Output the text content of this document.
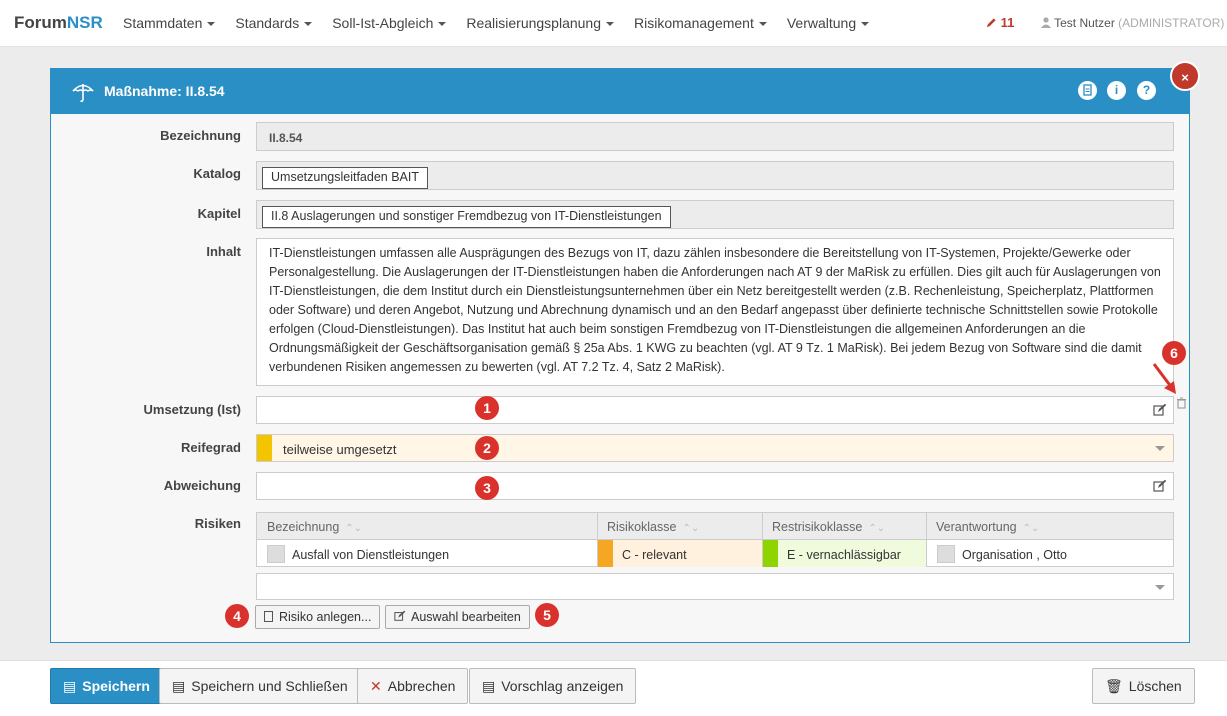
ForumNSR Stammdaten	Standards	Soll-Ist-Abgleich	Realisierungsplanung	Risikomanagement	Verwaltung	11	Test Nutzer (ADMINISTRATOR)
Maßnahme: II.8.54	i	?
×
Bezeichnung II.8.54
Katalog	Umsetzungsleitfaden BAIT
Kapitel	II.8 Auslagerungen und sonstiger Fremdbezug von IT-Dienstleistungen
Inhalt IT-Dienstleistungen umfassen alle Ausprägungen des Bezugs von IT, dazu zählen insbesondere die Bereitstellung von IT-Systemen, Projekte/Gewerke oder Personalgestellung. Die Auslagerungen der IT-Dienstleistungen haben die Anforderungen nach AT 9 der MaRisk zu erfüllen. Dies gilt auch für Auslagerungen von IT-Dienstleistungen, die dem Institut durch ein Dienstleistungsunternehmen über ein Netz bereitgestellt werden (z.B. Rechenleistung, Speicherplatz, Plattformen oder Software) und deren Angebot, Nutzung und Abrechnung dynamisch und an den Bedarf angepasst über definierte technische Schnittstellen sowie Protokolle erfolgen (Cloud-Dienstleistungen). Das Institut hat auch beim sonstigen Fremdbezug von IT-Dienstleistungen die allgemeinen Anforderungen an die Ordnungsmäßigkeit der Geschäftsorganisation gemäß § 25a Abs. 1 KWG zu beachten (vgl. AT 9 Tz. 1 MaRisk). Bei jedem Bezug von Software sind die damit verbundenen Risiken angemessen zu bewerten (vgl. AT 7.2 Tz. 4, Satz 2 MaRisk).
Umsetzung (Ist)
Reifegrad	teilweise umgesetzt
Abweichung
Risiken Bezeichnung ⌃⌄	Risikoklasse ⌃⌄	Restrisikoklasse ⌃⌄	Verantwortung ⌃⌄
Ausfall von Dienstleistungen	C - relevant	E - vernachlässigbar	Organisation , Otto
Risiko anlegen...	Auswahl bearbeiten
1
2
3
4	5
6
▤ Speichern	▤ Speichern und Schließen	✕ Abbrechen	▤ Vorschlag anzeigen	🗑 Löschen
